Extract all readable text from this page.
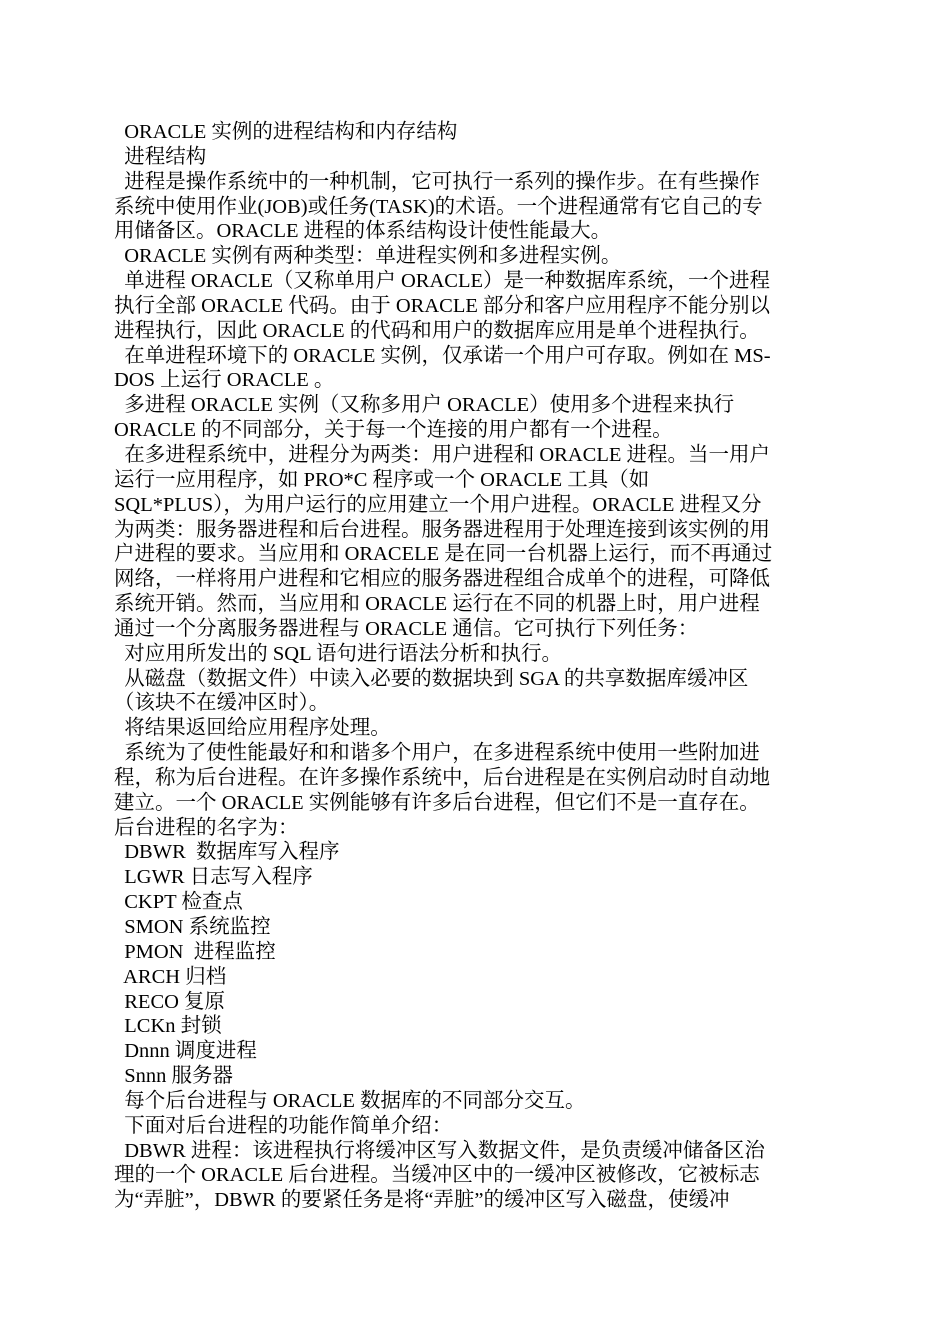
ORACLE 实例的进程结构和内存结构

进程结构

进程是操作系统中的一种机制，它可执行一系列的操作步。在有些操作
系统中使用作业(JOB)或任务(TASK)的术语。一个进程通常有它自己的专
用储备区。ORACLE 进程的体系结构设计使性能最大。

ORACLE 实例有两种类型：单进程实例和多进程实例。

单进程 ORACLE（又称单用户 ORACLE）是一种数据库系统，一个进程
执行全部 ORACLE 代码。由于 ORACLE 部分和客户应用程序不能分别以
进程执行，因此 ORACLE 的代码和用户的数据库应用是单个进程执行。

在单进程环境下的 ORACLE 实例，仅承诺一个用户可存取。例如在 MS-
DOS 上运行 ORACLE 。

多进程 ORACLE 实例（又称多用户 ORACLE）使用多个进程来执行
ORACLE 的不同部分，关于每一个连接的用户都有一个进程。

在多进程系统中，进程分为两类：用户进程和 ORACLE 进程。当一用户
运行一应用程序，如 PRO*C 程序或一个 ORACLE 工具（如
SQL*PLUS），为用户运行的应用建立一个用户进程。ORACLE 进程又分
为两类：服务器进程和后台进程。服务器进程用于处理连接到该实例的用
户进程的要求。当应用和 ORACELE 是在同一台机器上运行，而不再通过
网络，一样将用户进程和它相应的服务器进程组合成单个的进程，可降低
系统开销。然而，当应用和 ORACLE 运行在不同的机器上时，用户进程
通过一个分离服务器进程与 ORACLE 通信。它可执行下列任务：

对应用所发出的 SQL 语句进行语法分析和执行。

从磁盘（数据文件）中读入必要的数据块到 SGA 的共享数据库缓冲区
（该块不在缓冲区时）。

将结果返回给应用程序处理。

系统为了使性能最好和和谐多个用户，在多进程系统中使用一些附加进
程，称为后台进程。在许多操作系统中，后台进程是在实例启动时自动地
建立。一个 ORACLE 实例能够有许多后台进程，但它们不是一直存在。
后台进程的名字为：

DBWR  数据库写入程序

LGWR 日志写入程序

CKPT 检查点

SMON 系统监控

PMON  进程监控

ARCH 归档

RECO 复原

LCKn 封锁

Dnnn 调度进程

Snnn 服务器

每个后台进程与 ORACLE 数据库的不同部分交互。

下面对后台进程的功能作简单介绍：

DBWR 进程：该进程执行将缓冲区写入数据文件，是负责缓冲储备区治
理的一个 ORACLE 后台进程。当缓冲区中的一缓冲区被修改，它被标志
为“弄脏”，DBWR 的要紧任务是将“弄脏”的缓冲区写入磁盘，使缓冲
